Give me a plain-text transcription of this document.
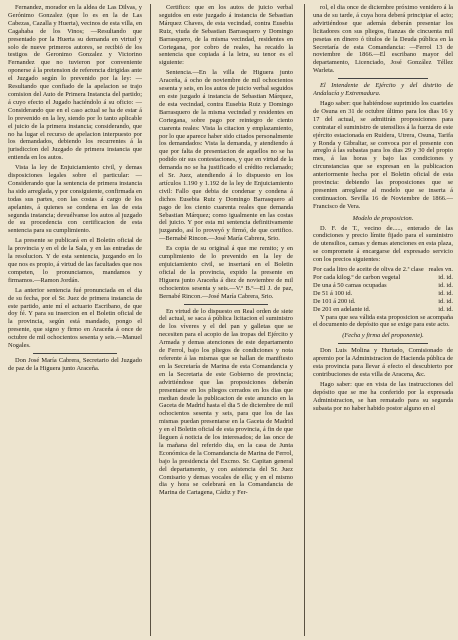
Fernandez, morador en la aldea de Las Dilvas, y Gerónimo Gonzalez (que lo es en la de Las Cabezas, Cazalla y Huerta), vecinos de esta villa, en Cagahaba de los Vinos; —Resultando que presentado por la Huerta su demanda en virtud y solo de nueve primeros autores, se recibió de los testigos de Geronimo Gonzalez y Victorino Fernandez que no tuvieron por conveniente oponerse á la pretension de referencia dirigidas ante el Juzgado según lo prevenido por la ley: —Resultando que confiado de la apelacion se trajo comision del Auto de Primera Instancia del partido; á cuyo efecto el Jugado haciéndolo á su oficio: —Considerando que en el caso actual se ha de estar á lo prevenido en la ley, siendo por lo tanto aplicable el juicio de la primera instancia; considerando, que no ha lugar el recurso de apelacion interpuesto por los demandados, debiendo los recurrentes á la jurisdiccion del Juzgado de primera instancia que entienda en los autos.

Vista la ley de Enjuiciamiento civil, y demas disposiciones legales sobre el particular: —Considerando que la sentencia de primera instancia ha sido arreglada, y por consiguiente, confirmada en todas sus partes, con las costas á cargo de los apelantes, á quienes se condena en las de esta segunda instancia; devuélvanse los autos al juzgado de su procedencia con certificacion de esta sentencia para su cumplimiento.

La presente se publicará en el Boletin oficial de la provincia y en el de la Sala, y en las entradas de la resolucion. Y de esta sentencia, juzgando en lo que nos es propio, á virtud de las facultades que nos competen, lo pronunciamos, mandamos y firmamos.—Ramon Jordán.

La anterior sentencia fué pronunciada en el dia de su fecha, por el Sr. Juez de primera instancia de este partido, ante mí el actuario Escribano, de que doy fé. Y para su insercion en el Boletin oficial de la provincia, según está mandado, pongo el presente, que signo y firmo en Araceña á once de octubre de mil ochocientos sesenta y seis.—Manuel Nogales.

Don José María Cabrera, Secretario del Juzgado de paz de la Higuera junto Araceña.

Certifico: que en los autos de juicio verbal seguidos en este juzgado á instancia de Sebastian Márquez Chaves, de esta vecindad, contra Eusebia Ruiz, viuda de Sebastian Barrasquero y Domingo Barrasquero, de la misma vecindad, residentes en Cortegana, por cobro de reales, ha recaido la sentencia que copiada á la letra, su tenor es el siguiente:

Sentencia.—En la villa de Higuera junto Araceña, á ocho de noviembre de mil ochocientos sesenta y seis, en los autos de juicio verbal seguidos en este juzgado á instancia de Sebastian Márquez, de esta vecindad, contra Eusebia Ruiz y Domingo Barrasquero de la misma vecindad y residentes en Cortegana, sobre pago por reintegro de ciento cuarenta reales: Vista la citacion y emplazamiento, por lo que aparece haber sido citados personalmente los demandados: Vista la demanda, y atendiendo á que por falta de presentacion de aquellos no se ha podido oir sus contestaciones, y que en virtud de la demanda no se ha justificado el crédito reclamado; el Sr. Juez, atendiendo á lo dispuesto en los artículos 1.190 y 1.192 de la ley de Enjuiciamiento civil: Fallo que debia de condenar y condena á dichos Eusebia Ruiz y Domingo Barrasquero al pago de los ciento cuarenta reales que demanda Sebastian Márquez; como igualmente en las costas del juicio. Y por esta mi sentencia definitivamente juzgando, así lo proveyó y firmó, de que certifico.—Bernabé Rincon.—José María Cabrera, Srio.

Es copia de su original á que me remito; y en cumplimiento de lo prevenido en la ley de enjuiciamiento civil, se insertará en el Boletin oficial de la provincia, expido la presente en Higuera junto Araceña á diez de noviembre de mil ochocientos sesenta y seis.—V.º B.º—El J. de paz, Bernabé Rincon.—José María Cabrera, Srio.

En virtud de lo dispuesto en Real orden de siete del actual, se saca á pública licitacion el suministro de los víveres y el del pan y galletas que se necesiten para el acopio de las tropas del Ejército y Armada y demas atenciones de este departamento de Ferrol, bajo los pliegos de condiciones y nota referente á las mismas que se hallan de manifiesto en la Secretaría de Marina de esta Comandancia y en la Secretaria de este Gobierno de provincia; advirtiéndose que las proposiciones deberán presentarse en los pliegos cerrados en los dias que median desde la publicacion de este anuncio en la Gaceta de Madrid hasta el dia 5 de diciembre de mil ochocientos sesenta y seis, para que los de las mismas puedan presentarse en la Gaceta de Madrid y en el Boletin oficial de esta provincia, á fin de que lleguen á noticia de los interesados; de las once de la mañana del referido dia, en la casa de Junta Económica de la Comandancia de Marina de Ferrol, bajo la presidencia del Excmo. Sr. Capitan general del departamento, y con asistencia del Sr. Juez Comisario y demas vocales de ella; y en el mismo dia y hora se celebrará en la Comandancia de Marina de Cartagena, Cádiz y Fer-

rol, el dia once de diciembre próximo venidero á la una de su tarde, á cuya hora deberá principiar el acto; advirtiéndose que además deberán presentar los licitadores con sus pliegos, fianzas de cincuenta mil pesetas en dinero ó títulos de la Deuda pública en la Secretaría de esta Comandancia: —Ferrol 13 de noviembre de 1866.—El escribano mayor del departamento, Licenciado, José González Téllez Warleta.

El Intendente de Ejército y del distrito de Andalucía y Extremadura.

Hago saber: que habiéndose suprimido los cuarteles de Osuna en 31 de octubre último para los dias 16 y 17 del actual, se admitirán proposiciones para contratar el suministro de utensilios á la fuerza de este ejército estacionada en Ruidera, Utrera, Osuna, Tarifa y Ronda y Gibraltar, se convoca por el presente con arreglo á las subastas para los dias 29 y 30 del propio mes, á las horas y bajo las condiciones y circunstancias que se expresan en la publicacion anteriormente hecha por el Boletin oficial de esta provincia: debiendo las proposiciones que se presenten arreglarse al modelo que se inserta á continuacion. Sevilla 16 de Noviembre de 1866.—Francisco de Vera.

Modelo de proposicion.

D. F. de T., vecino de....., enterado de las condiciones y precio límite fijado para el suministro de utensilios, camas y demas atenciones en esta plaza, se compromete á encargarse del expresado servicio con los precios siguientes:

Por cada litro de aceite de oliva de 2.ª clase reales vn.
Por cada kilog.º de carbon vegetal	id. id.
De una á 50 camas ocupadas	id. id.
De 51 á 100 id.	id. id.
De 101 á 200 id.	id. id.
De 201 en adelante id.	id. id.

Y para que sea válida esta proposicion se acompaña el documento de depósito que se exige para este acto.

(Fecha y firma del proponente).

Don Luis Molina y Hurtado, Comisionado de apremio por la Administracion de Hacienda pública de esta provincia para llevar á efecto el descubierto por contribuciones de esta villa de Aracena, &c.

Hago saber: que en vista de las instrucciones del depósito que se me ha conferido por la expresada Administracion, se han rematado para su segunda subasta por no haber habido postor alguno en el
